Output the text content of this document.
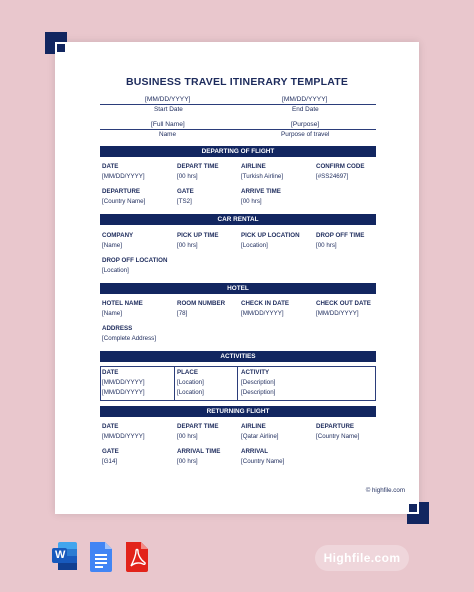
BUSINESS TRAVEL ITINERARY TEMPLATE
[MM/DD/YYYY]	[MM/DD/YYYY]
Start Date	End Date
[Full Name]	[Purpose]
Name	Purpose of travel
DEPARTING OF FLIGHT
DATE	DEPART TIME	AIRLINE	CONFIRM CODE
[MM/DD/YYYY]	[00 hrs]	[Turkish Airline]	[#SS24697]
DEPARTURE	GATE	ARRIVE TIME
[Country Name]	[TS2]	[00 hrs]
CAR RENTAL
COMPANY	PICK UP TIME	PICK UP LOCATION	DROP OFF TIME
[Name]	[00 hrs]	[Location]	[00 hrs]
DROP OFF LOCATION
[Location]
HOTEL
HOTEL NAME	ROOM NUMBER	CHECK IN DATE	CHECK OUT DATE
[Name]	[78]	[MM/DD/YYYY]	[MM/DD/YYYY]
ADDRESS
[Complete Address]
ACTIVITIES
DATE	PLACE	ACTIVITY
[MM/DD/YYYY]	[Location]	[Description]
[MM/DD/YYYY]	[Location]	[Description]
RETURNING FLIGHT
DATE	DEPART TIME	AIRLINE	DEPARTURE
[MM/DD/YYYY]	[00 hrs]	[Qatar Airline]	[Country Name]
GATE	ARRIVAL TIME	ARRIVAL
[G14]	[00 hrs]	[Country Name]
© highfile.com
W	Highfile.com
